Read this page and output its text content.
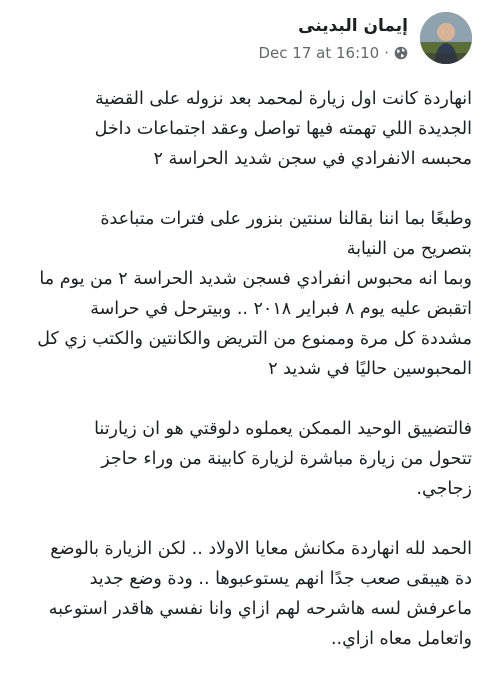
إيمان البدينى
Dec 17 at 16:10 ·

انهاردة كانت اول زيارة لمحمد بعد نزوله على القضية
الجديدة اللي تهمته فيها تواصل وعقد اجتماعات داخل
محبسه الانفرادي في سجن شديد الحراسة ٢

وطبعًا بما اننا بقالنا سنتين بنزور على فترات متباعدة
بتصريح من النيابة
وبما انه محبوس انفرادي فسجن شديد الحراسة ٢ من يوم ما
اتقبض عليه يوم ٨ فبراير ٢٠١٨ .. وبيترحل في حراسة
مشددة كل مرة وممنوع من التريض والكانتين والكتب زي كل
المحبوسين حاليًا في شديد ٢

فالتضييق الوحيد الممكن يعملوه دلوقتي هو ان زيارتنا
تتحول من زيارة مباشرة لزيارة كابينة من وراء حاجز
زجاجي.

الحمد لله انهاردة مكانش معايا الاولاد .. لكن الزيارة بالوضع
دة هيبقى صعب جدًا انهم يستوعبوها .. ودة وضع جديد
ماعرفش لسه هاشرحه لهم ازاي وانا نفسي هاقدر استوعبه
واتعامل معاه ازاي..
